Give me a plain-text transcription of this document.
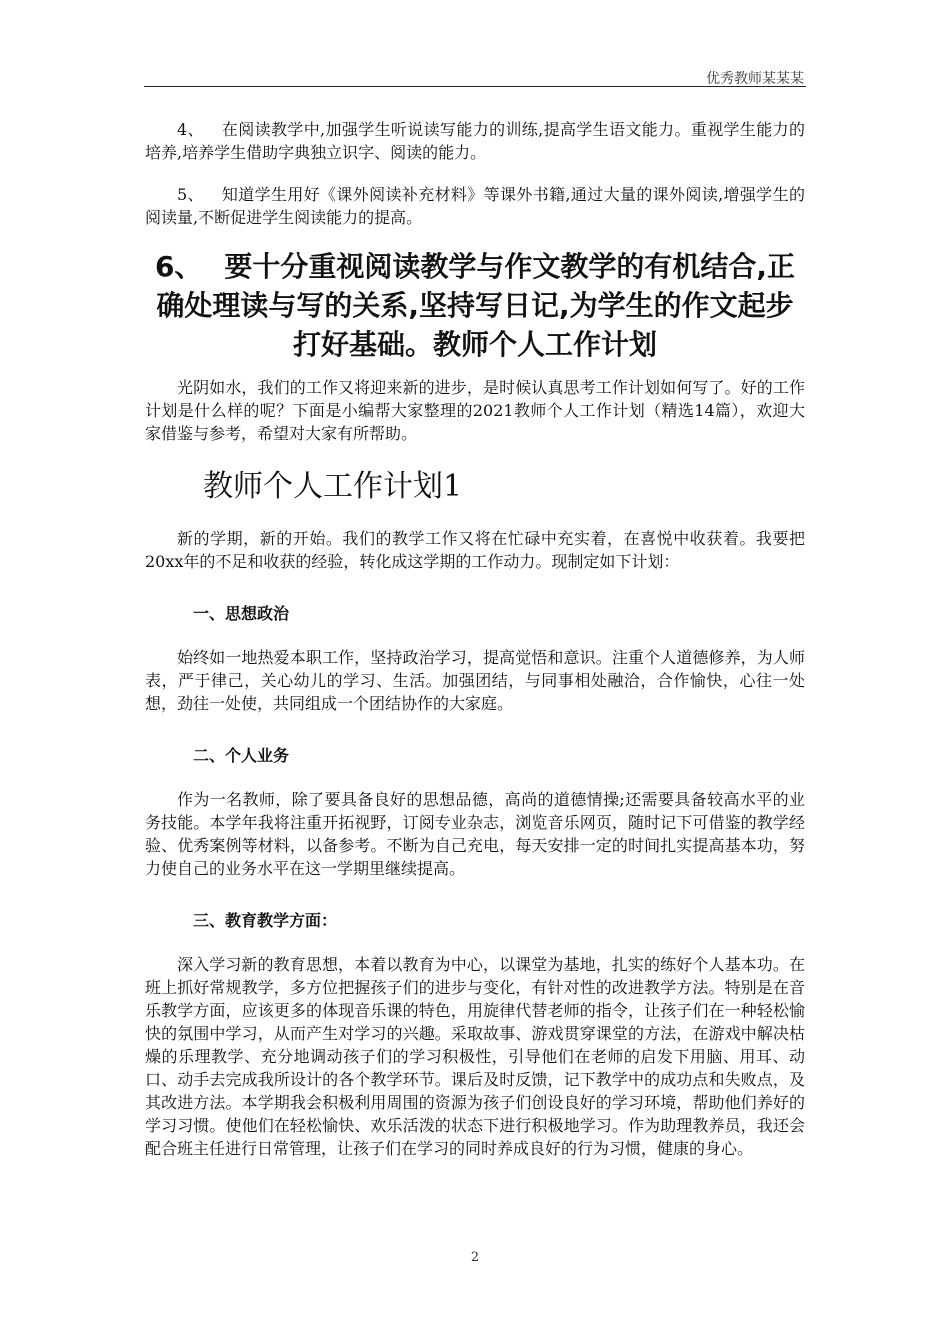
优秀教师某某某

4、 在阅读教学中,加强学生听说读写能力的训练,提高学生语文能力。重视学生能力的培养,培养学生借助字典独立识字、阅读的能力。

5、 知道学生用好《课外阅读补充材料》等课外书籍,通过大量的课外阅读,增强学生的阅读量,不断促进学生阅读能力的提高。

6、 要十分重视阅读教学与作文教学的有机结合,正确处理读与写的关系,坚持写日记,为学生的作文起步打好基础。教师个人工作计划

光阴如水，我们的工作又将迎来新的进步，是时候认真思考工作计划如何写了。好的工作计划是什么样的呢？下面是小编帮大家整理的2021教师个人工作计划（精选14篇），欢迎大家借鉴与参考，希望对大家有所帮助。

教师个人工作计划1

新的学期，新的开始。我们的教学工作又将在忙碌中充实着，在喜悦中收获着。我要把20xx年的不足和收获的经验，转化成这学期的工作动力。现制定如下计划：

一、思想政治

始终如一地热爱本职工作，坚持政治学习，提高觉悟和意识。注重个人道德修养，为人师表，严于律己，关心幼儿的学习、生活。加强团结，与同事相处融洽，合作愉快，心往一处想，劲往一处使，共同组成一个团结协作的大家庭。

二、个人业务

作为一名教师，除了要具备良好的思想品德，高尚的道德情操;还需要具备较高水平的业务技能。本学年我将注重开拓视野，订阅专业杂志，浏览音乐网页，随时记下可借鉴的教学经验、优秀案例等材料，以备参考。不断为自己充电，每天安排一定的时间扎实提高基本功，努力使自己的业务水平在这一学期里继续提高。

三、教育教学方面：

深入学习新的教育思想，本着以教育为中心，以课堂为基地，扎实的练好个人基本功。在班上抓好常规教学，多方位把握孩子们的进步与变化，有针对性的改进教学方法。特别是在音乐教学方面，应该更多的体现音乐课的特色，用旋律代替老师的指令，让孩子们在一种轻松愉快的氛围中学习，从而产生对学习的兴趣。采取故事、游戏贯穿课堂的方法，在游戏中解决枯燥的乐理教学、充分地调动孩子们的学习积极性，引导他们在老师的启发下用脑、用耳、动口、动手去完成我所设计的各个教学环节。课后及时反馈，记下教学中的成功点和失败点，及其改进方法。本学期我会积极利用周围的资源为孩子们创设良好的学习环境，帮助他们养好的学习习惯。使他们在轻松愉快、欢乐活泼的状态下进行积极地学习。作为助理教养员，我还会配合班主任进行日常管理，让孩子们在学习的同时养成良好的行为习惯，健康的身心。

2
